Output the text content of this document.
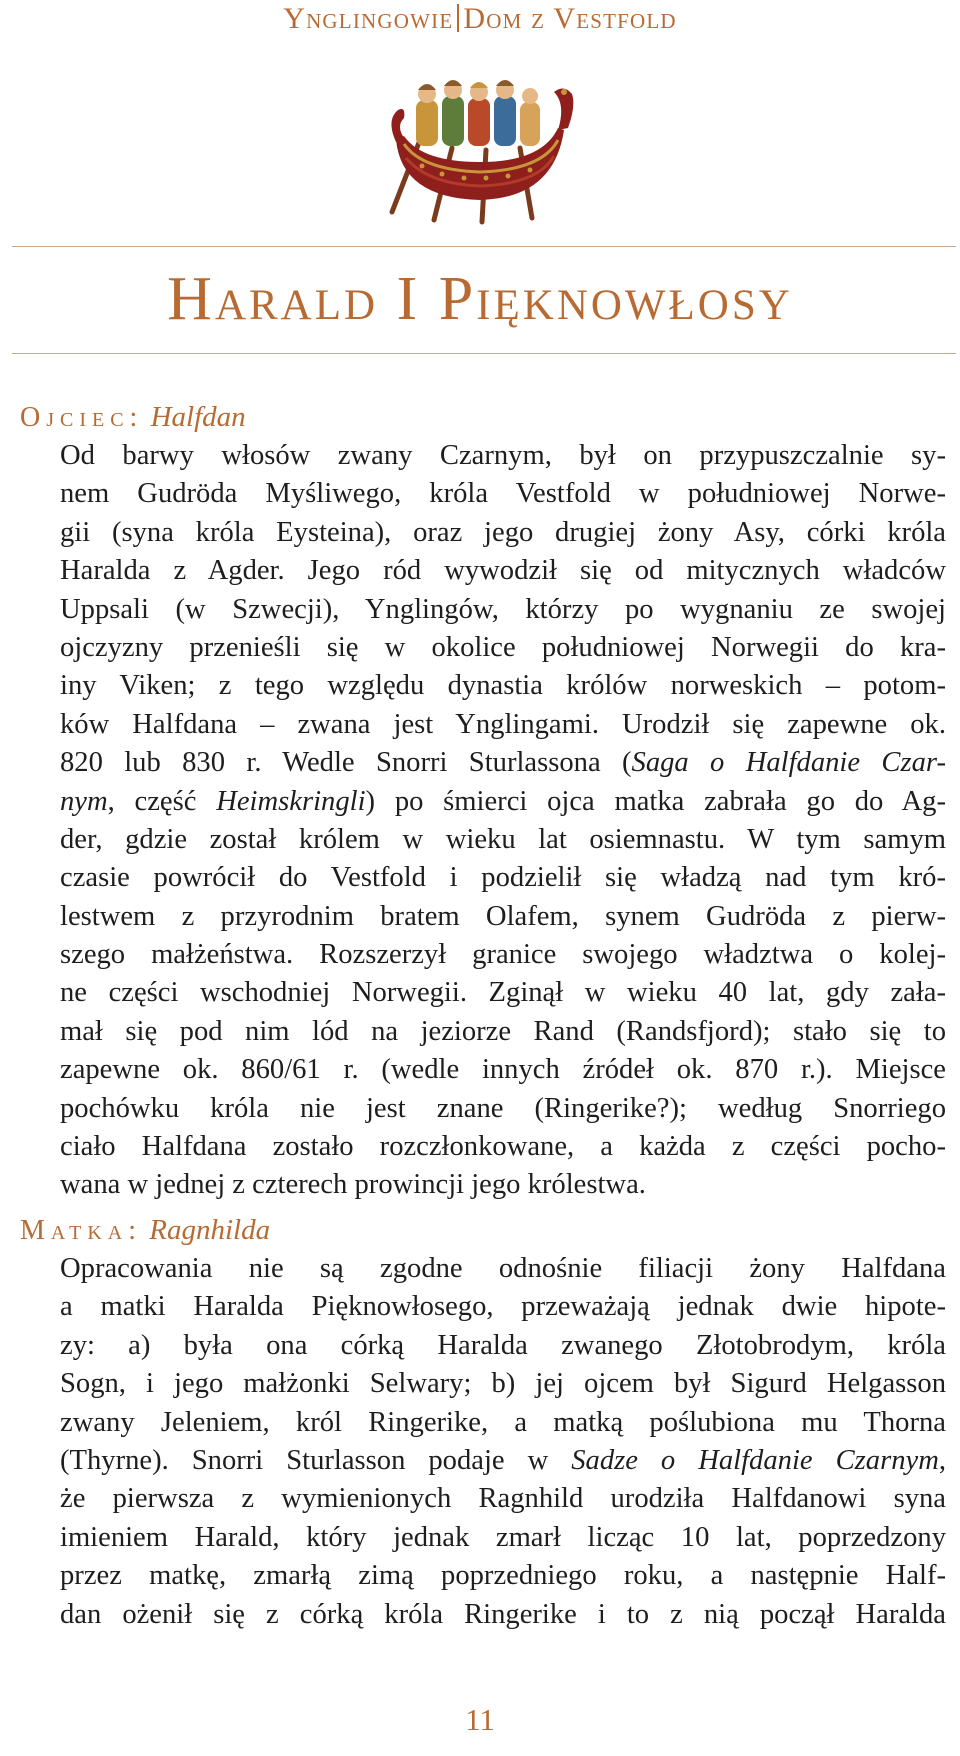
Ynglingowie Dom z Vestfold
Harald I Pięknowłosy
Ojciec: Halfdan
Od barwy włosów zwany Czarnym, był on przypuszczalnie sy-
nem Gudröda Myśliwego, króla Vestfold w południowej Norwe-
gii (syna króla Eysteina), oraz jego drugiej żony Asy, córki króla
Haralda z Agder. Jego ród wywodził się od mitycznych władców
Uppsali (w Szwecji), Ynglingów, którzy po wygnaniu ze swojej
ojczyzny przenieśli się w okolice południowej Norwegii do kra-
iny Viken; z tego względu dynastia królów norweskich – potom-
ków Halfdana – zwana jest Ynglingami. Urodził się zapewne ok.
820 lub 830 r. Wedle Snorri Sturlassona (Saga o Halfdanie Czar-
nym, część Heimskringli) po śmierci ojca matka zabrała go do Ag-
der, gdzie został królem w wieku lat osiemnastu. W tym samym
czasie powrócił do Vestfold i podzielił się władzą nad tym kró-
lestwem z przyrodnim bratem Olafem, synem Gudröda z pierw-
szego małżeństwa. Rozszerzył granice swojego władztwa o kolej-
ne części wschodniej Norwegii. Zginął w wieku 40 lat, gdy zała-
mał się pod nim lód na jeziorze Rand (Randsfjord); stało się to
zapewne ok. 860/61 r. (wedle innych źródeł ok. 870 r.). Miejsce
pochówku króla nie jest znane (Ringerike?); według Snorriego
ciało Halfdana zostało rozczłonkowane, a każda z części pocho-
wana w jednej z czterech prowincji jego królestwa.
Matka: Ragnhilda
Opracowania nie są zgodne odnośnie filiacji żony Halfdana
a matki Haralda Pięknowłosego, przeważają jednak dwie hipote-
zy: a) była ona córką Haralda zwanego Złotobrodym, króla
Sogn, i jego małżonki Selwary; b) jej ojcem był Sigurd Helgasson
zwany Jeleniem, król Ringerike, a matką poślubiona mu Thorna
(Thyrne). Snorri Sturlasson podaje w Sadze o Halfdanie Czarnym,
że pierwsza z wymienionych Ragnhild urodziła Halfdanowi syna
imieniem Harald, który jednak zmarł licząc 10 lat, poprzedzony
przez matkę, zmarłą zimą poprzedniego roku, a następnie Half-
dan ożenił się z córką króla Ringerike i to z nią począł Haralda
11
